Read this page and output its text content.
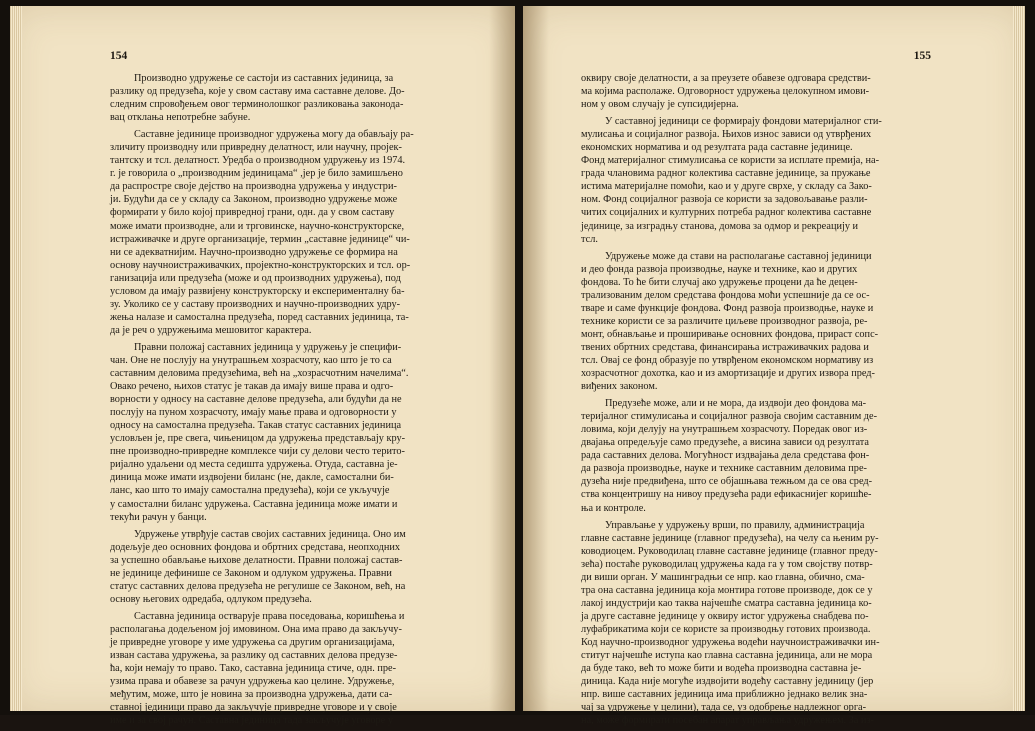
154

Производно удружење се састоји из саставних јединица, за
разлику од предузећа, које у свом саставу има саставне делове. До-
следним спровођењем овог терминолошког разликовања законода-
вац отклања непотребне забуне.

Саставне јединице производног удружења могу да обављају ра-
зличиту производну или привредну делатност, или научну, пројек-
тантску и тсл. делатност. Уредба о производном удружењу из 1974.
г. је говорила о „производним јединицама“ ,јер је било замишљено
да распростре своје дејство на производна удружења у индустри-
ји. Будући да се у складу са Законом, производно удружење може
формирати у било којој привредној грани, одн. да у свом саставу
може имати производне, али и трговинске, научно-конструкторске,
истраживачке и друге организације, термин „саставне јединице“ чи-
ни се адекватнијим. Научно-производно удружење се формира на
основу научноистраживачких, пројектно-конструкторских и тсл. ор-
ганизација или предузећа (може и од производних удружења), под
условом да имају развијену конструкторску и експерименталну ба-
зу. Уколико се у саставу производних и научно-производних удру-
жења налазе и самостална предузећа, поред саставних јединица, та-
да је реч о удружењима мешовитог карактера.

Правни положај саставних јединица у удружењу је специфи-
чан. Оне не послују на унутрашњем хозрасчоту, као што је то са
саставним деловима предузећима, већ на „хозрасчотним начелима“.
Овако речено, њихов статус је такав да имају више права и одго-
ворности у односу на саставне делове предузећа, али будући да не
послују на пуном хозрасчоту, имају мање права и одговорности у
односу на самостална предузећа. Такав статус саставних јединица
условљен је, пре свега, чињеницом да удружења представљају кру-
пне производно-привредне комплексе чији су делови често терито-
ријално удаљени од места седишта удружења. Отуда, саставна је-
диница може имати издвојени биланс (не, дакле, самостални би-
ланс, као што то имају самостална предузећа), који се укључује
у самостални биланс удружења. Саставна јединица може имати и
текући рачун у банци.

Удружење утврђује састав својих саставних јединица. Оно им
додељује део основних фондова и обртних средстава, неопходних
за успешно обављање њихове делатности. Правни положај састав-
не јединице дефинише се Законом и одлуком удружења. Правни
статус саставних делова предузећа не регулише се Законом, већ, на
основу његових одредаба, одлуком предузећа.

Саставна јединица остварује права поседовања, коришћења и
располагања додељеном јој имовином. Она има право да закључу-
је привредне уговоре у име удружења са другим организацијама,
изван састава удружења, за разлику од саставних делова предузе-
ћа, који немају то право. Тако, саставна јединица стиче, одн. пре-
узима права и обавезе за рачун удружења као целине. Удружење,
међутим, може, што је новина за производна удружења, дати са-
ставној јединици право да закључује привредне уговоре и у своје
име и за свој рачун. Саставна јединица тада закључује уговоре у

155

оквиру своје делатности, а за преузете обавезе одговара средстви-
ма којима располаже. Одговорност удружења целокупном имови-
ном у овом случају је супсидијерна.

У саставној јединици се формирају фондови материјалног сти-
мулисања и социјалног развоја. Њихов износ зависи од утврђених
економских норматива и од резултата рада саставне јединице.
Фонд материјалног стимулисања се користи за исплате премија, на-
града члановима радног колектива саставне јединице, за пружање
истима материјалне помоћи, као и у друге сврхе, у складу са Зако-
ном. Фонд социјалног развоја се користи за задовољавање разли-
читих социјалних и културних потреба радног колектива саставне
јединице, за изградњу станова, домова за одмор и рекреацију и
тсл.

Удружење може да стави на располагање саставној јединици
и део фонда развоја производње, науке и технике, као и других
фондова. То ће бити случај ако удружење процени да ће децен-
трализованим делом средстава фондова моћи успешније да се ос-
тваре и саме функције фондова. Фонд развоја производње, науке и
технике користи се за различите циљеве производног развоја, ре-
монт, обнављање и проширивање основних фондова, прираст сопс-
твених обртних средстава, финансирања истраживачких радова и
тсл. Овај се фонд образује по утврђеном економском нормативу из
хозрасчотног дохотка, као и из амортизације и других извора пред-
виђених законом.

Предузеће може, али и не мора, да издвоји део фондова ма-
теријалног стимулисања и социјалног развоја својим саставним де-
ловима, који делују на унутрашњем хозрасчоту. Поредак овог из-
двајања опредељује само предузеће, а висина зависи од резултата
рада саставних делова. Могућност издвајања дела средстава фон-
да развоја производње, науке и технике саставним деловима пре-
дузећа није предвиђена, што се објашњава тежњом да се ова сред-
ства концентришу на нивоу предузећа ради ефикаснијег коришће-
ња и контроле.

Управљање у удружењу врши, по правилу, администрација
главне саставне јединице (главног предузећа), на челу са њеним ру-
ководиоцем. Руководилац главне саставне јединице (главног преду-
зећа) постаће руководилац удружења када га у том својству потвр-
ди виши орган. У машинградњи се нпр. као главна, обично, сма-
тра она саставна јединица која монтира готове производе, док се у
лакој индустрији као таква најчешће сматра саставна јединица ко-
ја друге саставне јединице у оквиру истог удружења снабдева по-
луфабрикатима који се користе за производњу готових производа.
Код научно-производног удружења водећи научноистраживачки ин-
ститут најчешће иступа као главна саставна јединица, али не мора
да буде тако, већ то може бити и водећа производна саставна је-
диница. Када није могуће издвојити водећу саставну јединицу (јер
нпр. више саставних јединица има приближно једнако велик зна-
чај за удружење у целини), тада се, уз одобрење надлежног орга-
на, може формирати посебан апарат управљања удружењем. За из-
